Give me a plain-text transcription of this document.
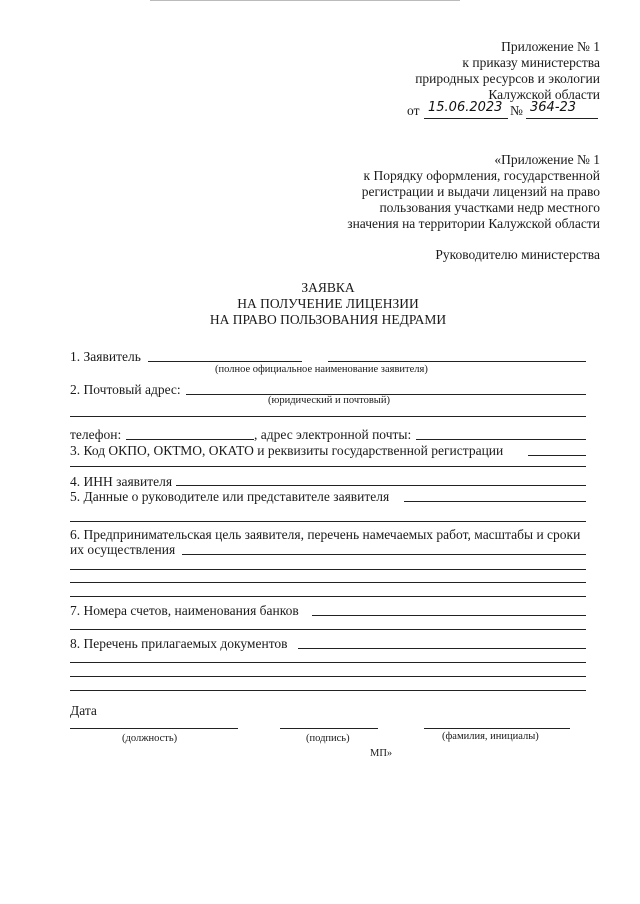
Приложение № 1
к приказу министерства
природных ресурсов и экологии
Калужской области
от 15.06.2023 № 364-23
«Приложение № 1
к Порядку оформления, государственной
регистрации и выдачи лицензий на право
пользования участками недр местного
значения на территории Калужской области
Руководителю министерства
ЗАЯВКА
НА ПОЛУЧЕНИЕ ЛИЦЕНЗИИ
НА ПРАВО ПОЛЬЗОВАНИЯ НЕДРАМИ
1. Заявитель
(полное официальное наименование заявителя)
2. Почтовый адрес:
(юридический и почтовый)
телефон:	, адрес электронной почты:
3. Код ОКПО, ОКТМО, ОКАТО и реквизиты государственной регистрации
4. ИНН заявителя
5. Данные о руководителе или представителе заявителя
6. Предпринимательская цель заявителя, перечень намечаемых работ, масштабы и сроки
их осуществления
7. Номера счетов, наименования банков
8. Перечень прилагаемых документов
Дата
(должность)	(подпись)	(фамилия, инициалы)
МП»
